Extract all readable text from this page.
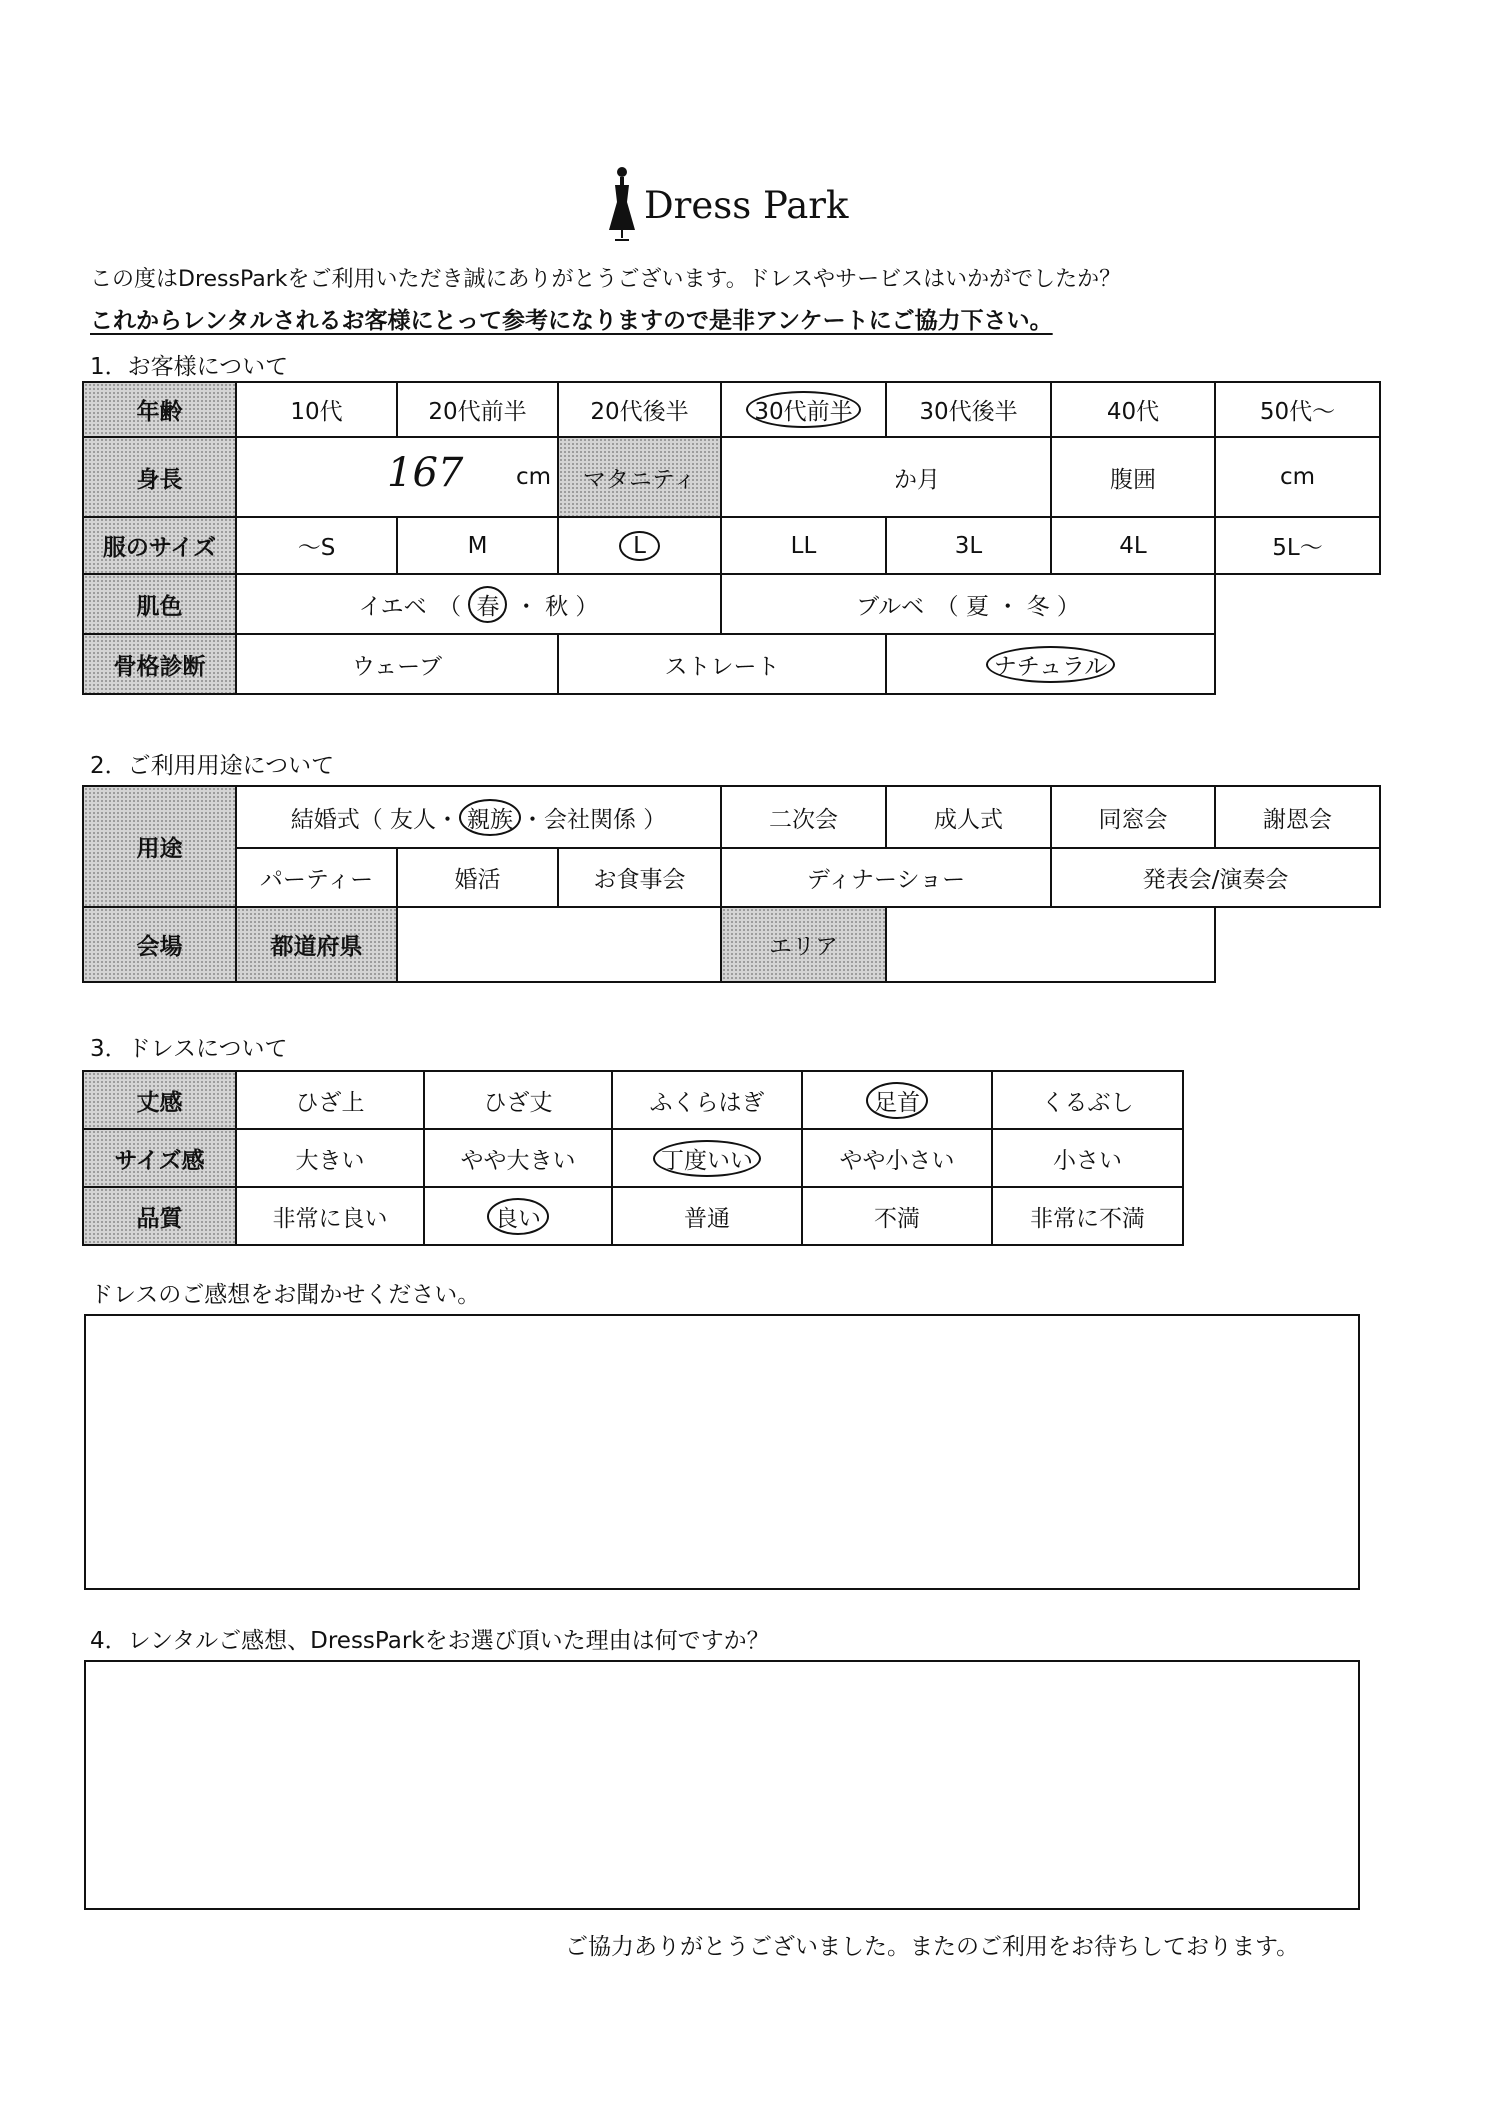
Dress Park
この度はDressParkをご利用いただき誠にありがとうございます。ドレスやサービスはいかがでしたか？
これからレンタルされるお客様にとって参考になりますので是非アンケートにご協力下さい。
1．お客様について
年齢	10代	20代前半	20代後半	30代前半	30代後半	40代	50代～
身長	167 cm		マタニティ	か月		腹囲	cm
服のサイズ	～S	M	L	LL	3L	4L	5L～
肌色	イエベ　（ 春 ・ 秋 ）			ブルベ　（ 夏 ・ 冬 ）			
骨格診断	ウェーブ		ストレート		ナチュラル		
2．ご利用用途について
用途	結婚式（ 友人・ 親族 ・会社関係 ）			二次会	成人式	同窓会	謝恩会
	パーティー	婚活	お食事会	ディナーショー		発表会/演奏会	
会場	都道府県			エリア			
3．ドレスについて
丈感	ひざ上	ひざ丈	ふくらはぎ	足首	くるぶし
サイズ感	大きい	やや大きい	丁度いい	やや小さい	小さい
品質	非常に良い	良い	普通	不満	非常に不満
ドレスのご感想をお聞かせください。
4．レンタルご感想、DressParkをお選び頂いた理由は何ですか？
ご協力ありがとうございました。またのご利用をお待ちしております。
